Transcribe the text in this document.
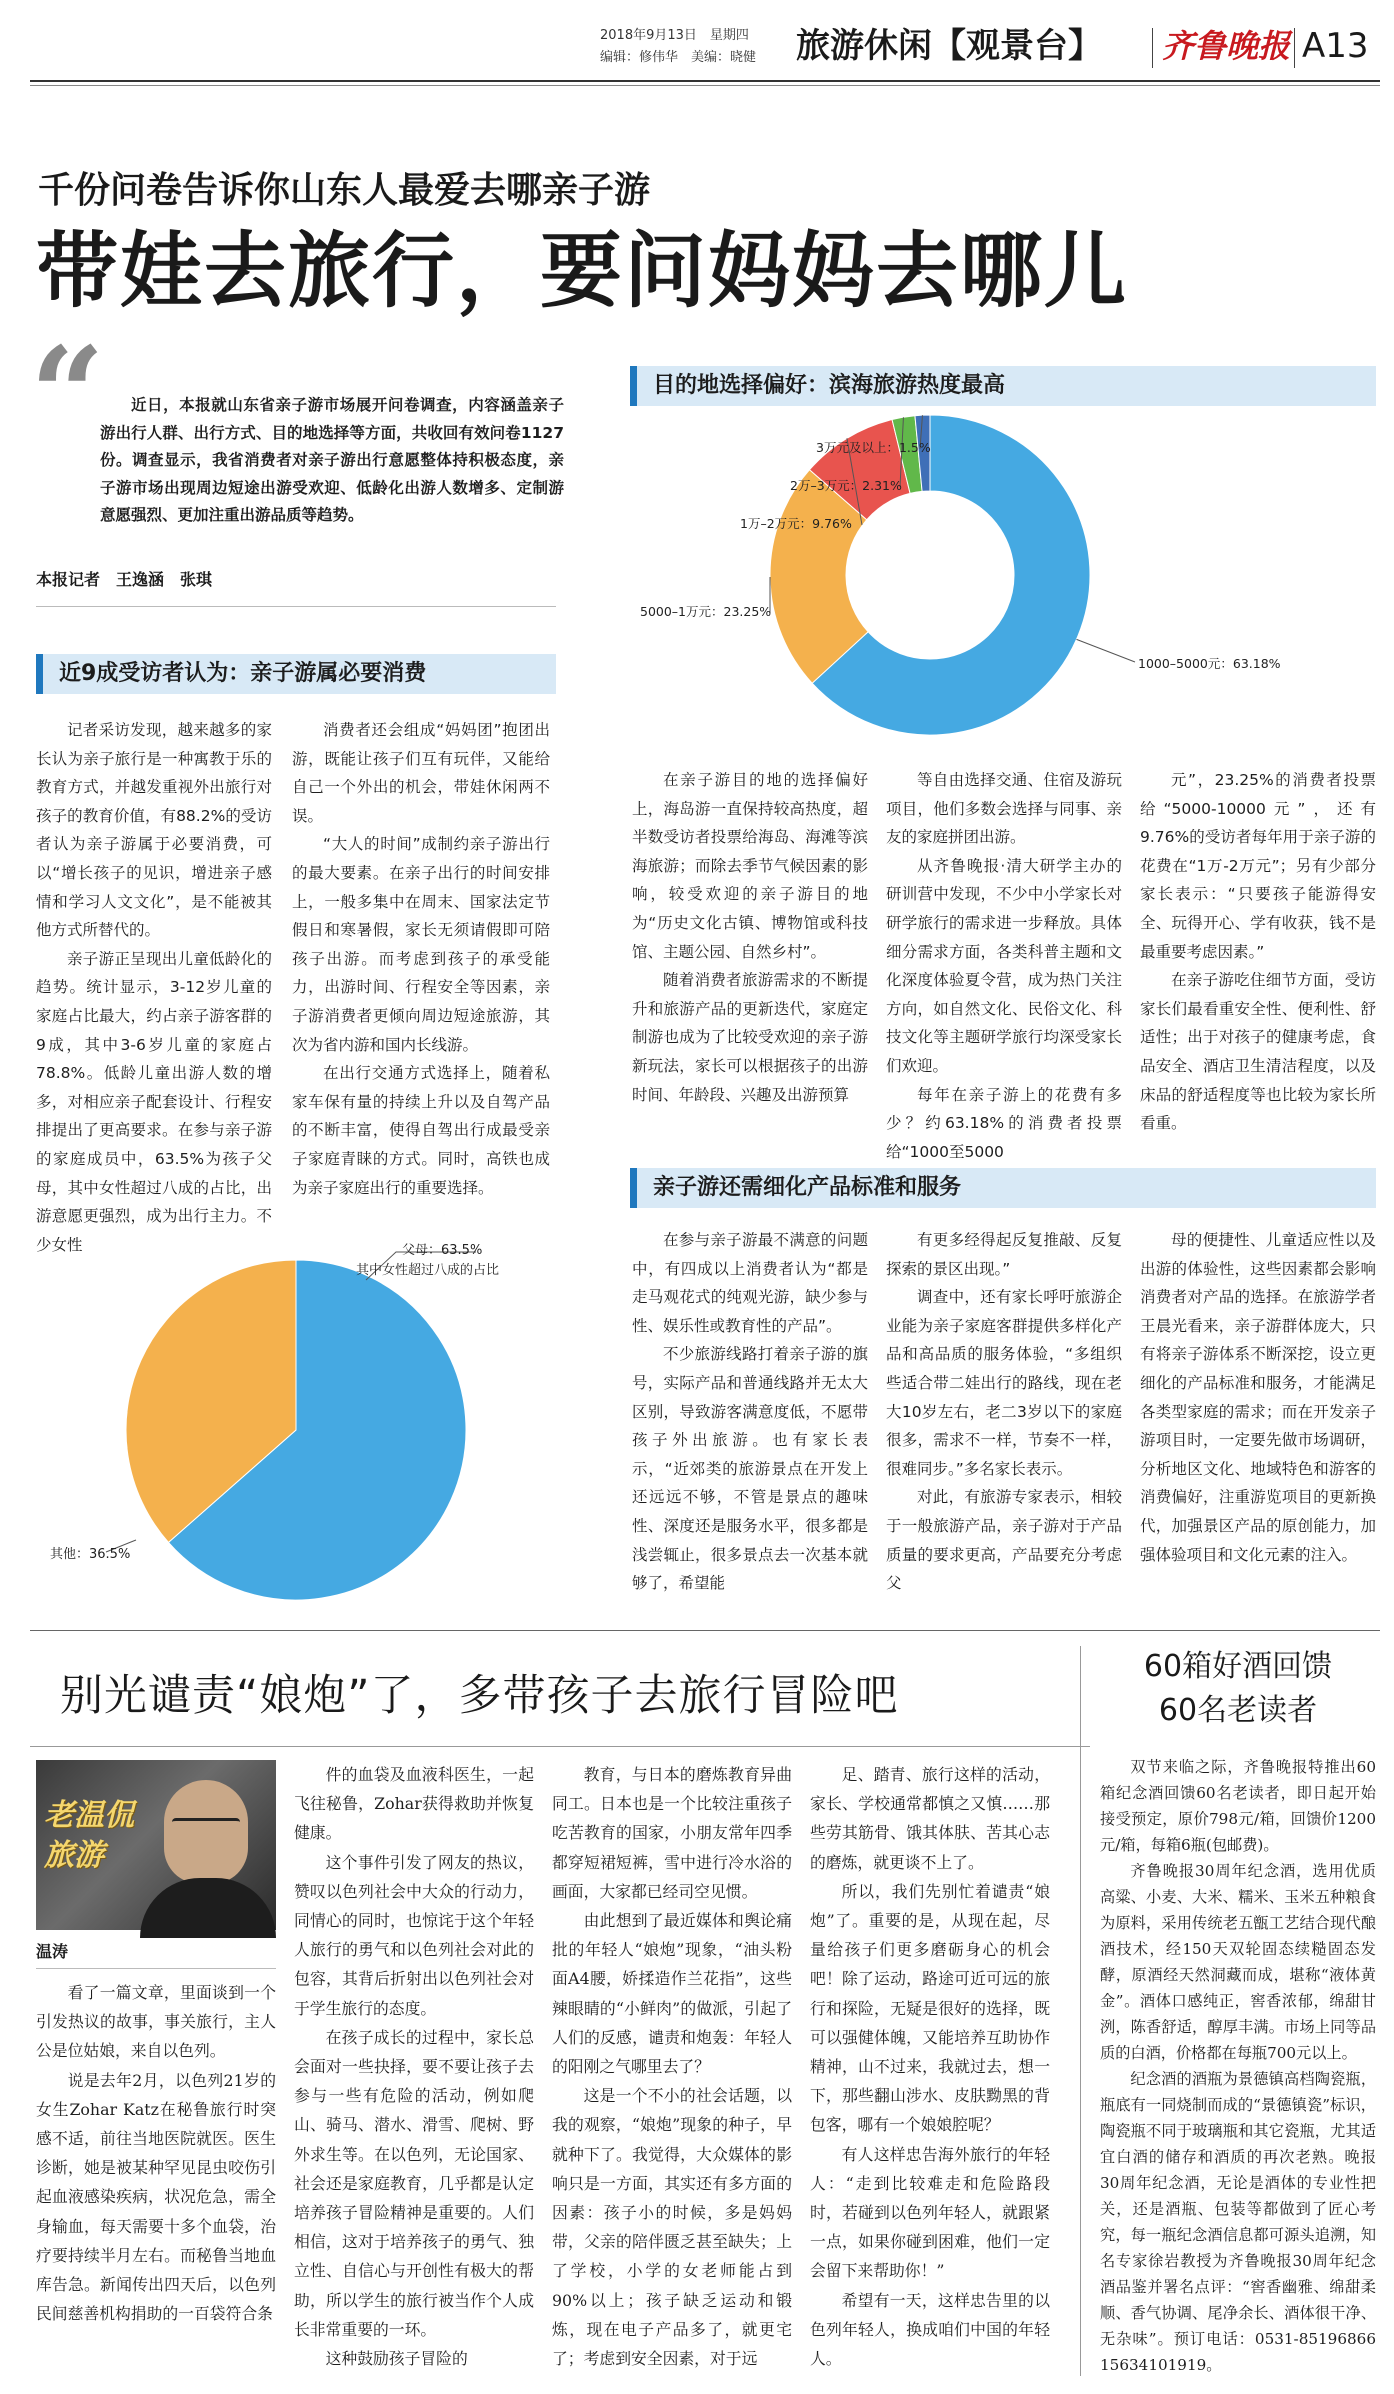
2018年9月13日　星期四
编辑：修伟华　美编：晓健	旅游休闲【观景台】	齐鲁晚报 A13
千份问卷告诉你山东人最爱去哪亲子游
带娃去旅行，要问妈妈去哪儿
“	近日，本报就山东省亲子游市场展开问卷调查，内容涵盖亲子游出行人群、出行方式、目的地选择等方面，共收回有效问卷1127份。调查显示，我省消费者对亲子游出行意愿整体持积极态度，亲子游市场出现周边短途出游受欢迎、低龄化出游人数增多、定制游意愿强烈、更加注重出游品质等趋势。
本报记者　王逸涵　张琪
近9成受访者认为：亲子游属必要消费

记者采访发现，越来越多的家长认为亲子旅行是一种寓教于乐的教育方式，并越发重视外出旅行对孩子的教育价值，有88.2%的受访者认为亲子游属于必要消费，可以“增长孩子的见识，增进亲子感情和学习人文文化”，是不能被其他方式所替代的。

亲子游正呈现出儿童低龄化的趋势。统计显示，3-12岁儿童的家庭占比最大，约占亲子游客群的9成，其中3-6岁儿童的家庭占78.8%。低龄儿童出游人数的增多，对相应亲子配套设计、行程安排提出了更高要求。在参与亲子游的家庭成员中，63.5%为孩子父母，其中女性超过八成的占比，出游意愿更强烈，成为出行主力。不少女性

消费者还会组成“妈妈团”抱团出游，既能让孩子们互有玩伴，又能给自己一个外出的机会，带娃休闲两不误。

“大人的时间”成制约亲子游出行的最大要素。在亲子出行的时间安排上，一般多集中在周末、国家法定节假日和寒暑假，家长无须请假即可陪孩子出游。而考虑到孩子的承受能力，出游时间、行程安全等因素，亲子游消费者更倾向周边短途旅游，其次为省内游和国内长线游。

在出行交通方式选择上，随着私家车保有量的持续上升以及自驾产品的不断丰富，使得自驾出行成最受亲子家庭青睐的方式。同时，高铁也成为亲子家庭出行的重要选择。

目的地选择偏好：滨海旅游热度最高
1000–5000元：63.18%
5000–1万元：23.25%
1万–2万元：9.76%
2万–3万元：2.31%
3万元及以上：1.5%

在亲子游目的地的选择偏好上，海岛游一直保持较高热度，超半数受访者投票给海岛、海滩等滨海旅游；而除去季节气候因素的影响，较受欢迎的亲子游目的地为“历史文化古镇、博物馆或科技馆、主题公园、自然乡村”。

随着消费者旅游需求的不断提升和旅游产品的更新迭代，家庭定制游也成为了比较受欢迎的亲子游新玩法，家长可以根据孩子的出游时间、年龄段、兴趣及出游预算

等自由选择交通、住宿及游玩项目，他们多数会选择与同事、亲友的家庭拼团出游。

从齐鲁晚报·清大研学主办的研训营中发现，不少中小学家长对研学旅行的需求进一步释放。具体细分需求方面，各类科普主题和文化深度体验夏令营，成为热门关注方向，如自然文化、民俗文化、科技文化等主题研学旅行均深受家长们欢迎。

每年在亲子游上的花费有多少？约63.18%的消费者投票给“1000至5000

元”，23.25%的消费者投票给“5000-10000元”，还有9.76%的受访者每年用于亲子游的花费在“1万-2万元”；另有少部分家长表示：“只要孩子能游得安全、玩得开心、学有收获，钱不是最重要考虑因素。”

在亲子游吃住细节方面，受访家长们最看重安全性、便利性、舒适性；出于对孩子的健康考虑，食品安全、酒店卫生清洁程度，以及床品的舒适程度等也比较为家长所看重。

亲子游还需细化产品标准和服务
父母：63.5%
其中女性超过八成的占比
其他：36.5%

在参与亲子游最不满意的问题中，有四成以上消费者认为“都是走马观花式的纯观光游，缺少参与性、娱乐性或教育性的产品”。

不少旅游线路打着亲子游的旗号，实际产品和普通线路并无太大区别，导致游客满意度低，不愿带孩子外出旅游。也有家长表示，“近郊类的旅游景点在开发上还远远不够，不管是景点的趣味性、深度还是服务水平，很多都是浅尝辄止，很多景点去一次基本就够了，希望能

有更多经得起反复推敲、反复探索的景区出现。”

调查中，还有家长呼吁旅游企业能为亲子家庭客群提供多样化产品和高品质的服务体验，“多组织些适合带二娃出行的路线，现在老大10岁左右，老二3岁以下的家庭很多，需求不一样，节奏不一样，很难同步。”多名家长表示。

对此，有旅游专家表示，相较于一般旅游产品，亲子游对于产品质量的要求更高，产品要充分考虑父

母的便捷性、儿童适应性以及出游的体验性，这些因素都会影响消费者对产品的选择。在旅游学者王晨光看来，亲子游群体庞大，只有将亲子游体系不断深挖，设立更细化的产品标准和服务，才能满足各类型家庭的需求；而在开发亲子游项目时，一定要先做市场调研，分析地区文化、地域特色和游客的消费偏好，注重游览项目的更新换代，加强景区产品的原创能力，加强体验项目和文化元素的注入。

别光谴责“娘炮”了，多带孩子去旅行冒险吧
老温侃旅游
温涛

看了一篇文章，里面谈到一个引发热议的故事，事关旅行，主人公是位姑娘，来自以色列。

说是去年2月，以色列21岁的女生Zohar Katz在秘鲁旅行时突感不适，前往当地医院就医。医生诊断，她是被某种罕见昆虫咬伤引起血液感染疾病，状况危急，需全身输血，每天需要十多个血袋，治疗要持续半月左右。而秘鲁当地血库告急。新闻传出四天后，以色列民间慈善机构捐助的一百袋符合条

件的血袋及血液科医生，一起飞往秘鲁，Zohar获得救助并恢复健康。

这个事件引发了网友的热议，赞叹以色列社会中大众的行动力，同情心的同时，也惊诧于这个年轻人旅行的勇气和以色列社会对此的包容，其背后折射出以色列社会对于学生旅行的态度。

在孩子成长的过程中，家长总会面对一些抉择，要不要让孩子去参与一些有危险的活动，例如爬山、骑马、潜水、滑雪、爬树、野外求生等。在以色列，无论国家、社会还是家庭教育，几乎都是认定培养孩子冒险精神是重要的。人们相信，这对于培养孩子的勇气、独立性、自信心与开创性有极大的帮助，所以学生的旅行被当作个人成长非常重要的一环。

这种鼓励孩子冒险的

教育，与日本的磨炼教育异曲同工。日本也是一个比较注重孩子吃苦教育的国家，小朋友常年四季都穿短裙短裤，雪中进行冷水浴的画面，大家都已经司空见惯。

由此想到了最近媒体和舆论痛批的年轻人“娘炮”现象，“油头粉面A4腰，娇揉造作兰花指”，这些辣眼睛的“小鲜肉”的做派，引起了人们的反感，谴责和炮轰：年轻人的阳刚之气哪里去了？

这是一个不小的社会话题，以我的观察，“娘炮”现象的种子，早就种下了。我觉得，大众媒体的影响只是一方面，其实还有多方面的因素：孩子小的时候，多是妈妈带，父亲的陪伴匮乏甚至缺失；上了学校，小学的女老师能占到90%以上；孩子缺乏运动和锻炼，现在电子产品多了，就更宅了；考虑到安全因素，对于远

足、踏青、旅行这样的活动，家长、学校通常都慎之又慎……那些劳其筋骨、饿其体肤、苦其心志的磨炼，就更谈不上了。

所以，我们先别忙着谴责“娘炮”了。重要的是，从现在起，尽量给孩子们更多磨砺身心的机会吧！除了运动，路途可近可远的旅行和探险，无疑是很好的选择，既可以强健体魄，又能培养互助协作精神，山不过来，我就过去，想一下，那些翻山涉水、皮肤黝黑的背包客，哪有一个娘娘腔呢？

有人这样忠告海外旅行的年轻人：“走到比较难走和危险路段时，若碰到以色列年轻人，就跟紧一点，如果你碰到困难，他们一定会留下来帮助你！”

希望有一天，这样忠告里的以色列年轻人，换成咱们中国的年轻人。

60箱好酒回馈
60名老读者

双节来临之际，齐鲁晚报特推出60箱纪念酒回馈60名老读者，即日起开始接受预定，原价798元/箱，回馈价1200元/箱，每箱6瓶(包邮费)。

齐鲁晚报30周年纪念酒，选用优质高粱、小麦、大米、糯米、玉米五种粮食为原料，采用传统老五甑工艺结合现代酿酒技术，经150天双轮固态续糙固态发酵，原酒经天然洞藏而成，堪称“液体黄金”。酒体口感纯正，窖香浓郁，绵甜甘洌，陈香舒适，醇厚丰满。市场上同等品质的白酒，价格都在每瓶700元以上。

纪念酒的酒瓶为景德镇高档陶瓷瓶，瓶底有一同烧制而成的“景德镇瓷”标识，陶瓷瓶不同于玻璃瓶和其它瓷瓶，尤其适宜白酒的储存和酒质的再次老熟。晚报30周年纪念酒，无论是酒体的专业性把关，还是酒瓶、包装等都做到了匠心考究，每一瓶纪念酒信息都可源头追溯，知名专家徐岩教授为齐鲁晚报30周年纪念酒品鉴并署名点评：“窖香幽雅、绵甜柔顺、香气协调、尾净余长、酒体很干净、无杂味”。预订电话：0531-85196866　15634101919。
